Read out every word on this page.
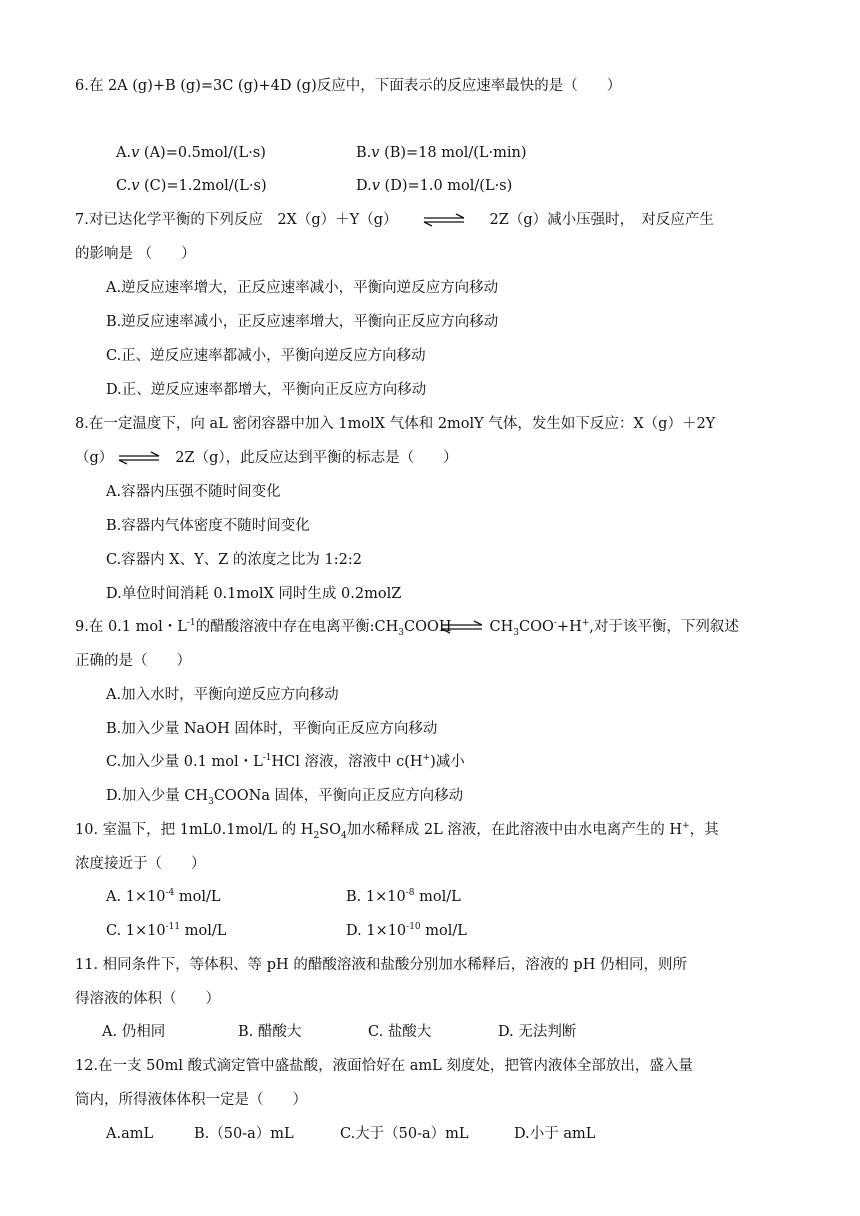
6.在 2A (g)+B (g)=3C (g)+4D (g)反应中，下面表示的反应速率最快的是（　　）
A.v (A)=0.5mol/(L·s)	B.v (B)=18 mol/(L·min)
C.v (C)=1.2mol/(L·s)	D.v (D)=1.0 mol/(L·s)
7.对已达化学平衡的下列反应　2X（g）＋Y（g）	2Z（g）减小压强时，　对反应产生
的影响是 （　　）
A.逆反应速率增大，正反应速率减小，平衡向逆反应方向移动
B.逆反应速率减小，正反应速率增大，平衡向正反应方向移动
C.正、逆反应速率都减小，平衡向逆反应方向移动
D.正、逆反应速率都增大，平衡向正反应方向移动
8.在一定温度下，向 aL 密闭容器中加入 1molX 气体和 2molY 气体，发生如下反应：X（g）＋2Y
（g） ⇌ 2Z（g），此反应达到平衡的标志是（　　）
A.容器内压强不随时间变化
B.容器内气体密度不随时间变化
C.容器内 X、Y、Z 的浓度之比为 1:2:2
D.单位时间消耗 0.1molX 同时生成 0.2molZ
9.在 0.1 mol・$L^{-1}$的醋酸溶液中存在电离平衡$:CH_3COOH$ ⇌ $CH_3COO^-+H^+$,对于该平衡，下列叙述
正确的是（　　）
A.加入水时，平衡向逆反应方向移动
B.加入少量 NaOH 固体时，平衡向正反应方向移动
C.加入少量 0.1 mol・$L^{-1}HCl$ 溶液，溶液中 c(H+)减小
D.加入少量 $CH_3COONa$ 固体，平衡向正反应方向移动
10. 室温下，把 1mL0.1mol/L 的 $H_2SO_4$加水稀释成 2L 溶液，在此溶液中由水电离产生的 H+，其
浓度接近于（　　）
A. $1\times 10^{-4}$ mol/L	B. $1\times 10^{-8}$ mol/L
C. $1\times 10^{-11}$ mol/L	D. $1\times 10^{-10}$ mol/L
11. 相同条件下，等体积、等 pH 的醋酸溶液和盐酸分别加水稀释后，溶液的 pH 仍相同，则所
得溶液的体积（　　）
A. 仍相同	B. 醋酸大	C. 盐酸大	D. 无法判断
12.在一支 50ml 酸式滴定管中盛盐酸，液面恰好在 amL 刻度处，把管内液体全部放出，盛入量
筒内，所得液体体积一定是（　　）
A.amL	B.（50-a）mL	C.大于（50-a）mL	D.小于 amL
